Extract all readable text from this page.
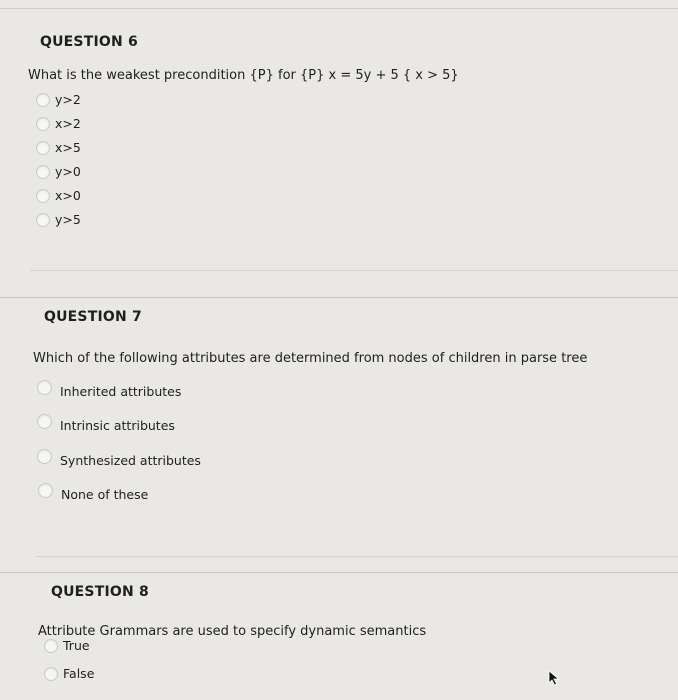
QUESTION 6
What is the weakest precondition {P} for {P} x = 5y + 5 { x > 5}
y>2
x>2
x>5
y>0
x>0
y>5
QUESTION 7
Which of the following attributes are determined from nodes of children in parse tree
Inherited attributes
Intrinsic attributes
Synthesized attributes
None of these
QUESTION 8
Attribute Grammars are used to specify dynamic semantics
True
False
